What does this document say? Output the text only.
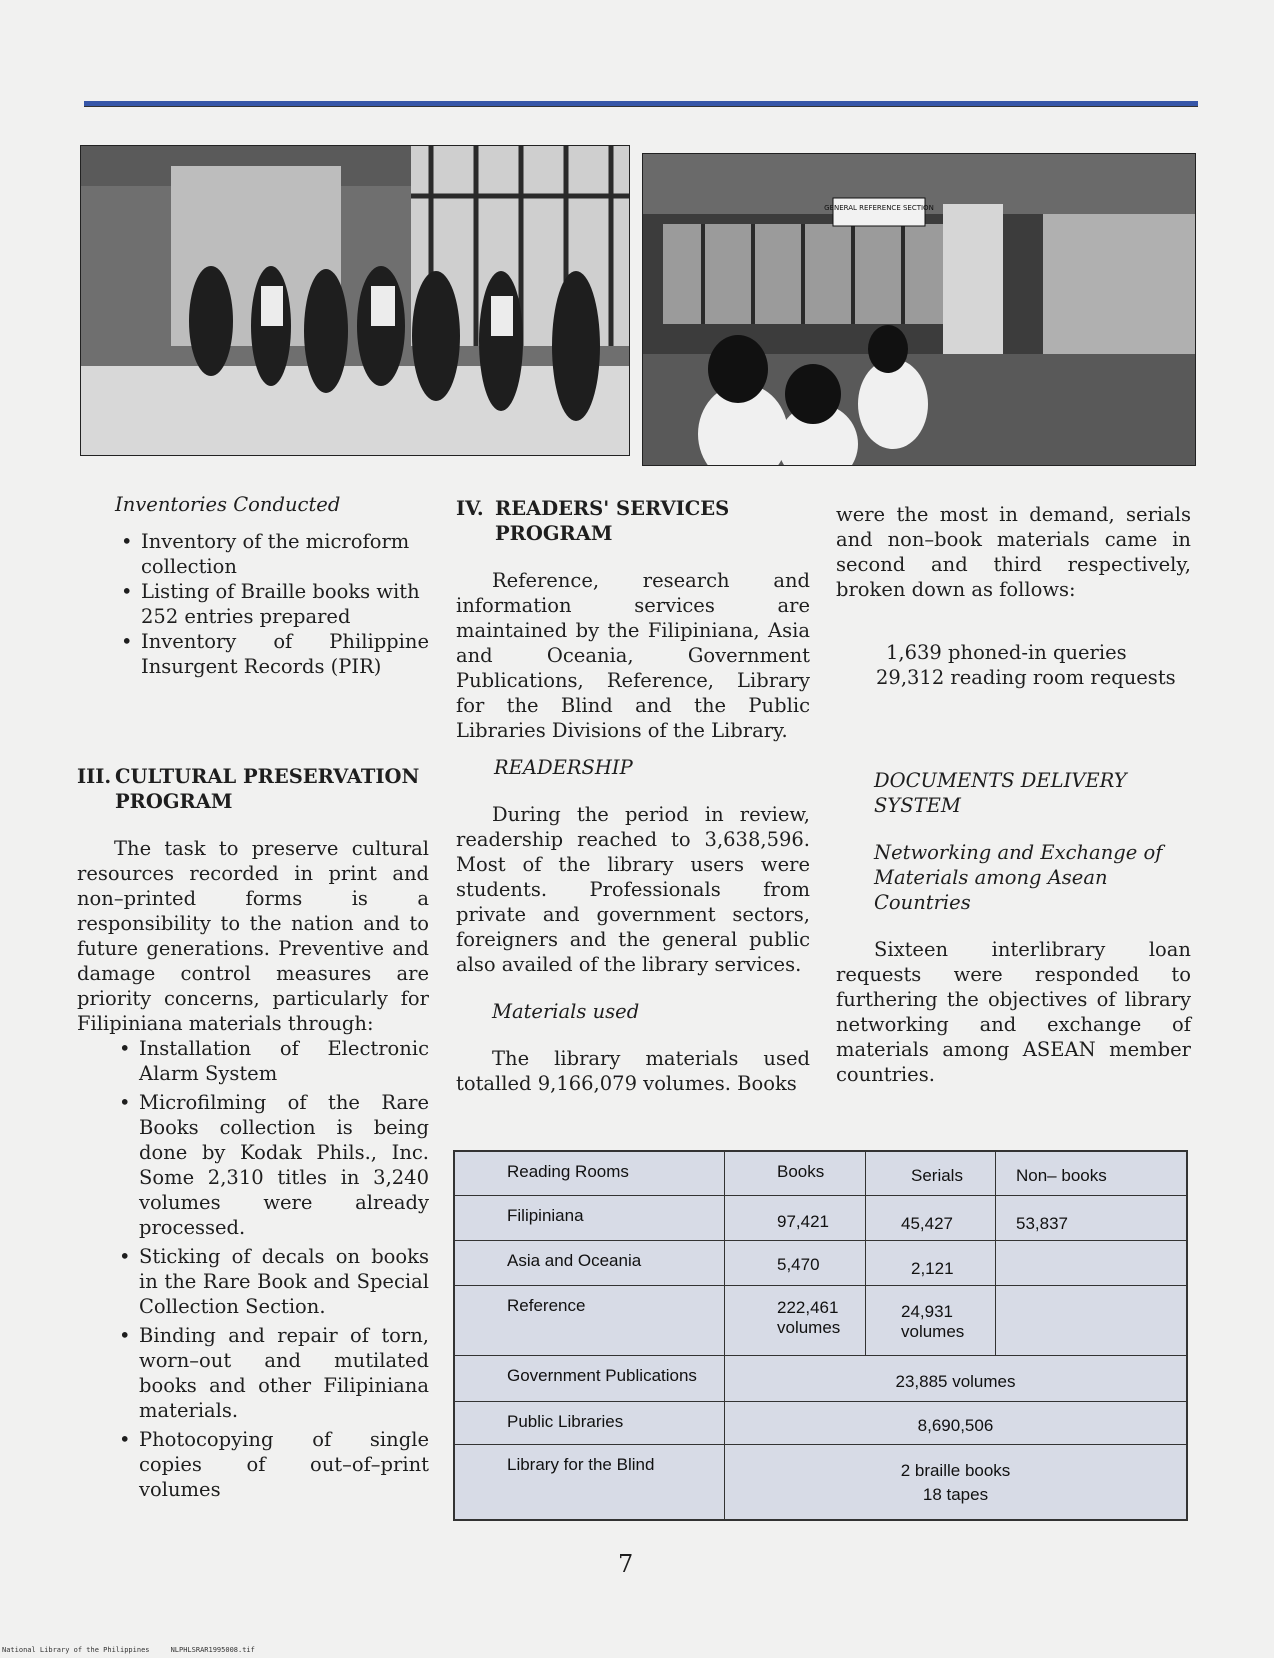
GENERAL REFERENCE SECTION

Inventories Conducted

• Inventory of the microform collection
• Listing of Braille books with 252 entries prepared
• Inventory of Philippine Insurgent Records (PIR)
III. CULTURAL PRESERVATION PROGRAM

The task to preserve cultural resources recorded in print and non–printed forms is a responsibility to the nation and to future generations. Preventive and damage control measures are priority concerns, particularly for Filipiniana materials through:

• Installation of Electronic Alarm System
• Microfilming of the Rare Books collection is being done by Kodak Phils., Inc. Some 2,310 titles in 3,240 volumes were already processed.
• Sticking of decals on books in the Rare Book and Special Collection Section.
• Binding and repair of torn, worn–out and mutilated books and other Filipiniana materials.
• Photocopying of single copies of out–of–print volumes
IV. READERS' SERVICES PROGRAM

Reference, research and information services are maintained by the Filipiniana, Asia and Oceania, Government Publications, Reference, Library for the Blind and the Public Libraries Divisions of the Library.

READERSHIP

During the period in review, readership reached to 3,638,596. Most of the library users were students. Professionals from private and government sectors, foreigners and the general public also availed of the library services.

Materials used

The library materials used totalled 9,166,079 volumes. Books

were the most in demand, serials and non–book materials came in second and third respectively, broken down as follows:

1,639 phoned-in queries

29,312 reading room requests

DOCUMENTS DELIVERY SYSTEM

Networking and Exchange of Materials among Asean Countries

Sixteen interlibrary loan requests were responded to furthering the objectives of library networking and exchange of materials among ASEAN member countries.

Reading Rooms	Books	Serials	Non– books
Filipiniana	97,421	45,427	53,837
Asia and Oceania	5,470	2,121	
Reference	222,461 volumes	24,931 volumes	

Government Publications	23,885 volumes		
Public Libraries	8,690,506		
Library for the Blind	2 braille books
18 tapes		
7
National Library of the Philippines     NLPHLSRAR1995008.tif
